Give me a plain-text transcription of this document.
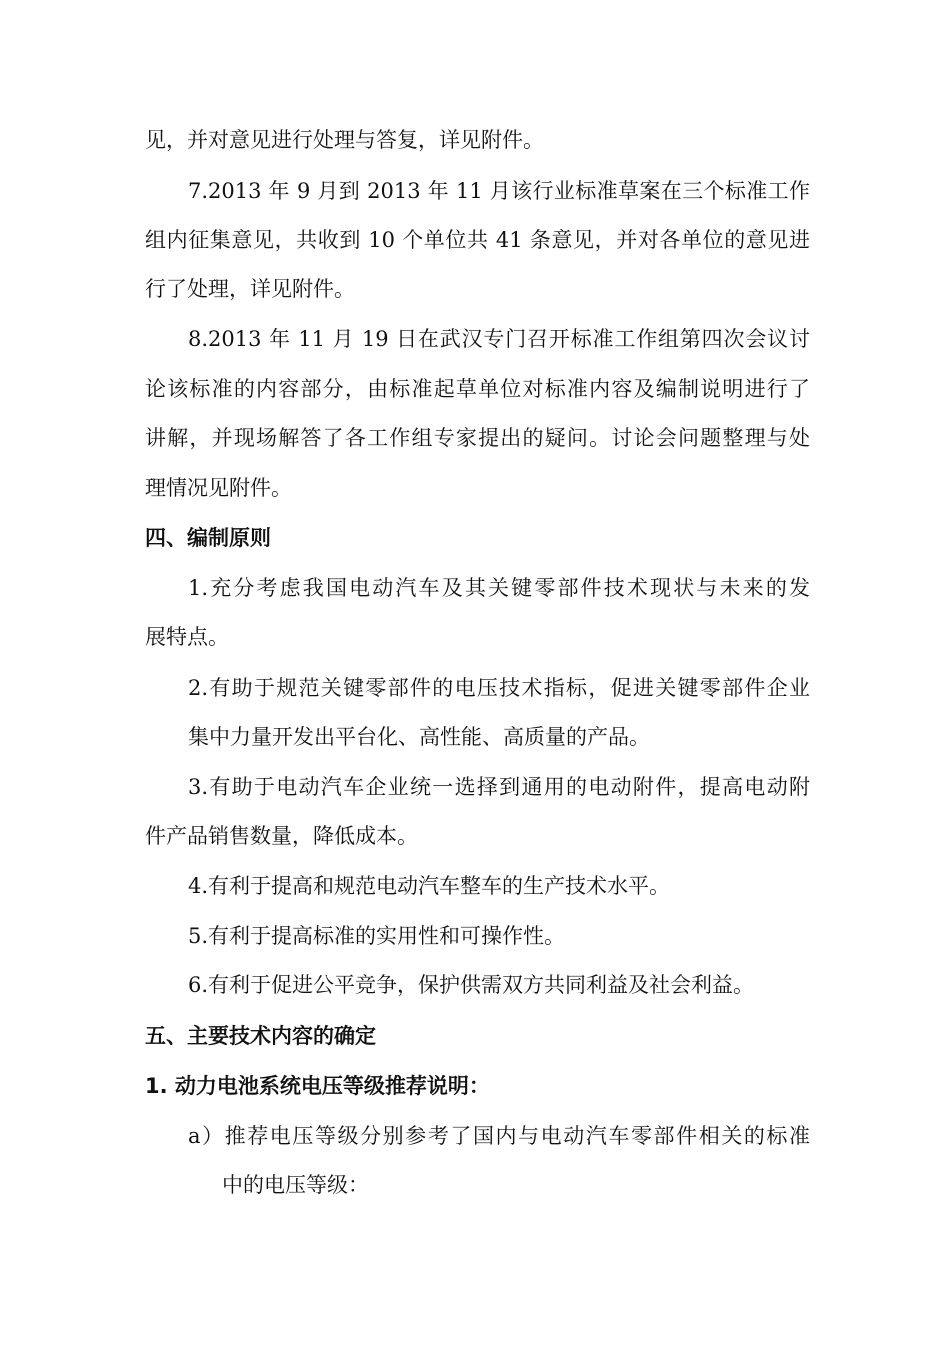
见，并对意见进行处理与答复，详见附件。
7.2013 年 9 月到 2013 年 11 月该行业标准草案在三个标准工作
组内征集意见，共收到 10 个单位共 41 条意见，并对各单位的意见进
行了处理，详见附件。
8.2013 年 11 月 19 日在武汉专门召开标准工作组第四次会议讨
论该标准的内容部分，由标准起草单位对标准内容及编制说明进行了
讲解，并现场解答了各工作组专家提出的疑问。讨论会问题整理与处
理情况见附件。
四、编制原则
1.充分考虑我国电动汽车及其关键零部件技术现状与未来的发
展特点。
2.有助于规范关键零部件的电压技术指标，促进关键零部件企业
集中力量开发出平台化、高性能、高质量的产品。
3.有助于电动汽车企业统一选择到通用的电动附件，提高电动附
件产品销售数量，降低成本。
4.有利于提高和规范电动汽车整车的生产技术水平。
5.有利于提高标准的实用性和可操作性。
6.有利于促进公平竞争，保护供需双方共同利益及社会利益。
五、主要技术内容的确定
1. 动力电池系统电压等级推荐说明：
a）推荐电压等级分别参考了国内与电动汽车零部件相关的标准
中的电压等级：
